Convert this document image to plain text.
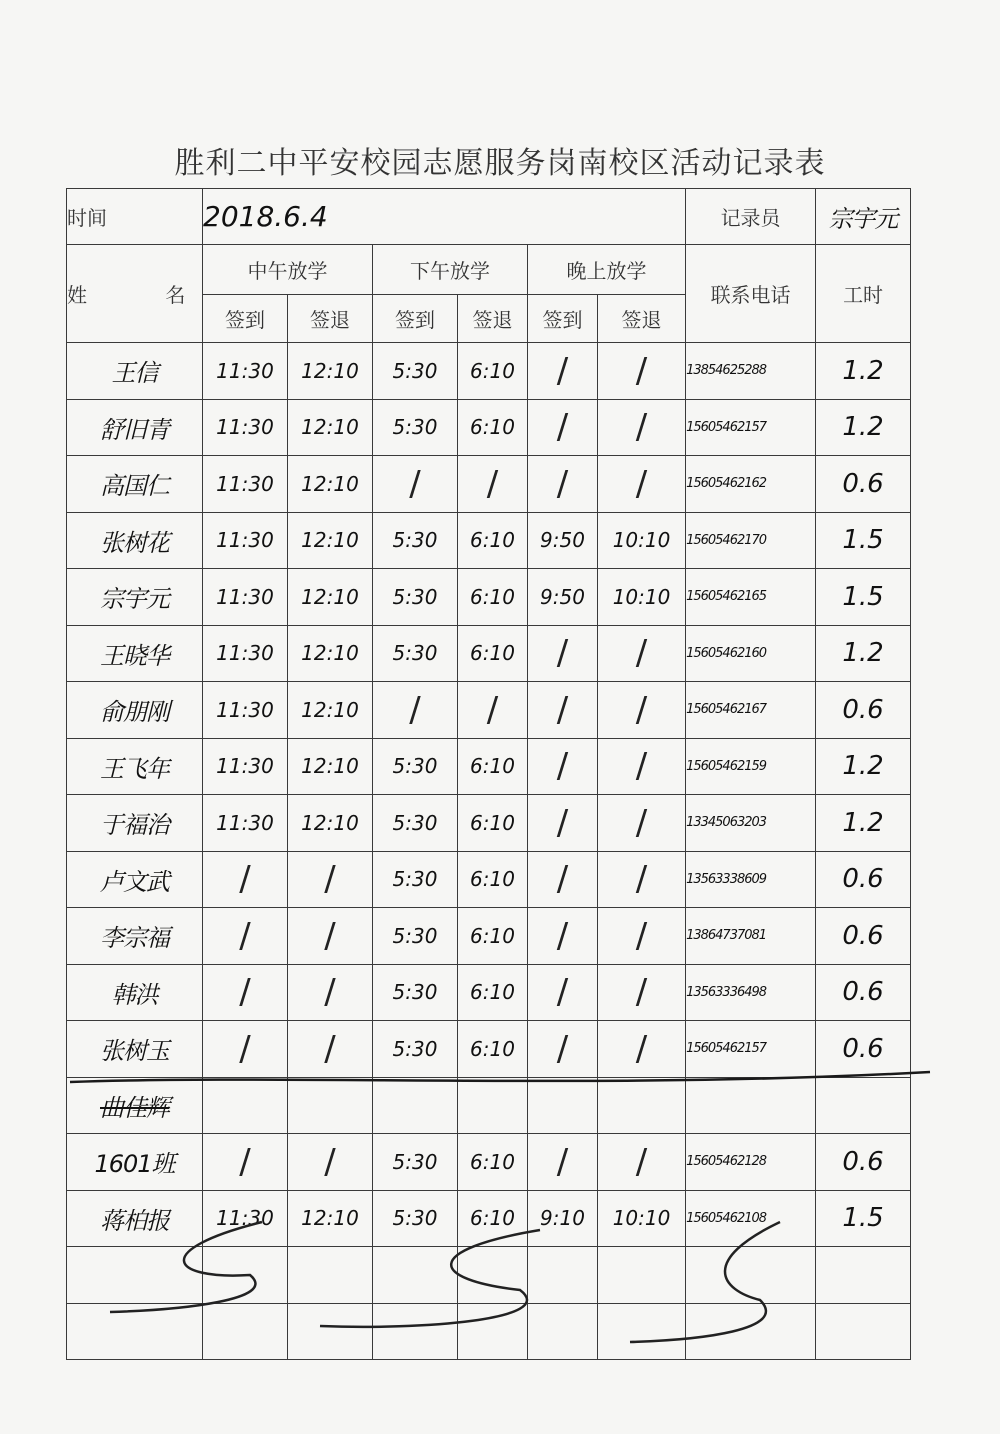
胜利二中平安校园志愿服务岗南校区活动记录表
时间	2018.6.4						记录员	宗宇元
姓 名	中午放学		下午放学		晚上放学		联系电话	工时
	签到	签退	签到	签退	签到	签退		
王信	11:30	12:10	5:30	6:10	/	/	13854625288	1.2
舒旧青	11:30	12:10	5:30	6:10	/	/	15605462157	1.2
高国仁	11:30	12:10	/	/	/	/	15605462162	0.6
张树花	11:30	12:10	5:30	6:10	9:50	10:10	15605462170	1.5
宗宇元	11:30	12:10	5:30	6:10	9:50	10:10	15605462165	1.5
王晓华	11:30	12:10	5:30	6:10	/	/	15605462160	1.2
俞朋刚	11:30	12:10	/	/	/	/	15605462167	0.6
王飞年	11:30	12:10	5:30	6:10	/	/	15605462159	1.2
于福治	11:30	12:10	5:30	6:10	/	/	13345063203	1.2
卢文武	/	/	5:30	6:10	/	/	13563338609	0.6
李宗福	/	/	5:30	6:10	/	/	13864737081	0.6
韩洪	/	/	5:30	6:10	/	/	13563336498	0.6
张树玉	/	/	5:30	6:10	/	/	15605462157	0.6
曲佳辉								
1601班	/	/	5:30	6:10	/	/	15605462128	0.6
蒋柏报	11:30	12:10	5:30	6:10	9:10	10:10	15605462108	1.5
